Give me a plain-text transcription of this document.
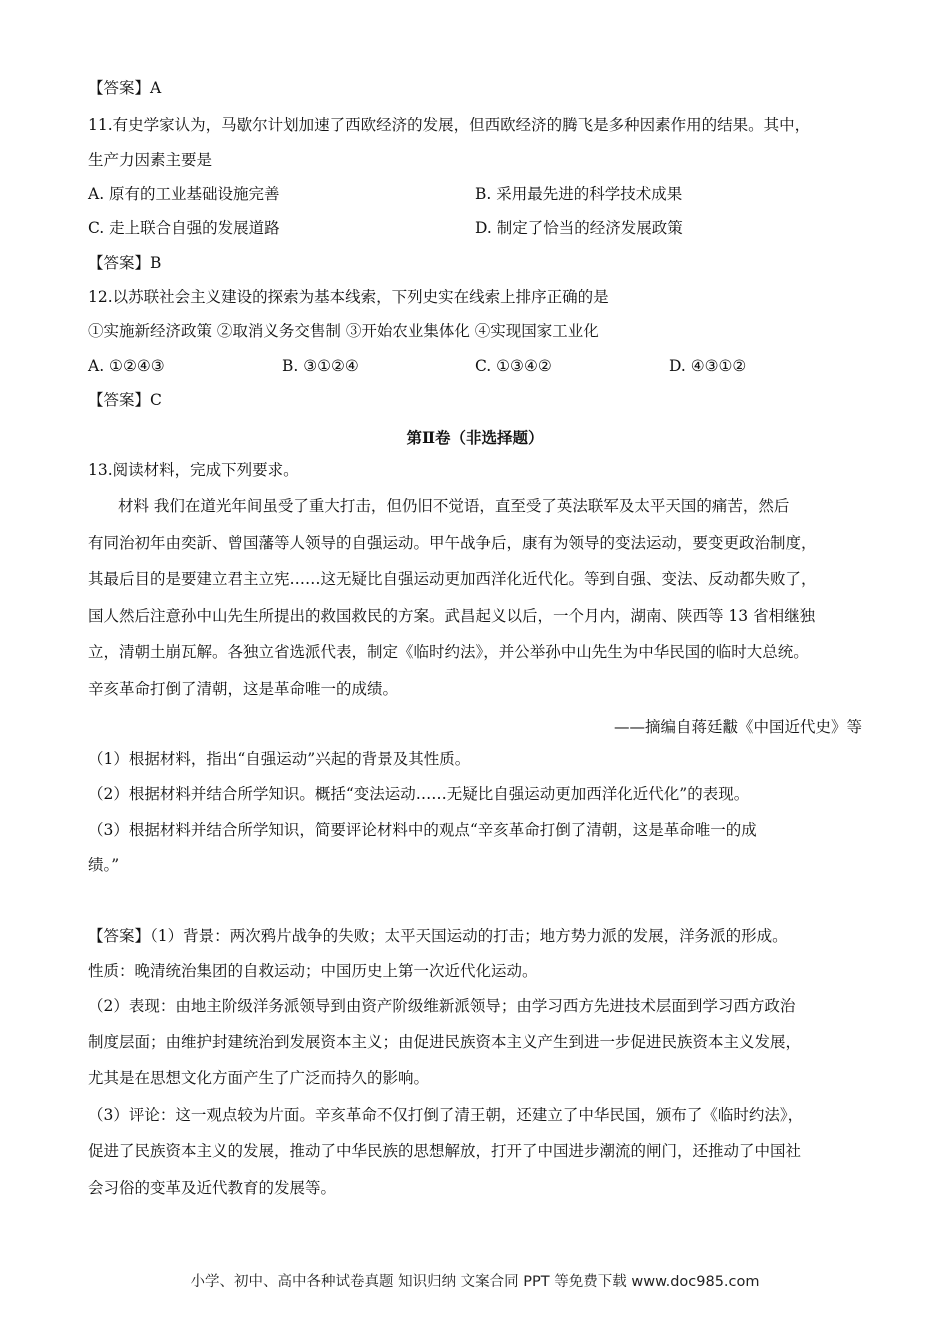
【答案】A
11.有史学家认为，马歇尔计划加速了西欧经济的发展，但西欧经济的腾飞是多种因素作用的结果。其中，
生产力因素主要是
A. 原有的工业基础设施完善	B. 采用最先进的科学技术成果
C. 走上联合自强的发展道路	D. 制定了恰当的经济发展政策
【答案】B
12.以苏联社会主义建设的探索为基本线索，下列史实在线索上排序正确的是
①实施新经济政策 ②取消义务交售制 ③开始农业集体化 ④实现国家工业化
A. ①②④③	B. ③①②④	C. ①③④②	D. ④③①②
【答案】C
第Ⅱ卷（非选择题）
13.阅读材料，完成下列要求。
材料 我们在道光年间虽受了重大打击，但仍旧不觉语，直至受了英法联军及太平天国的痛苦，然后
有同治初年由奕訢、曾国藩等人领导的自强运动。甲午战争后，康有为领导的变法运动，要变更政治制度，
其最后目的是要建立君主立宪……这无疑比自强运动更加西洋化近代化。等到自强、变法、反动都失败了，
国人然后注意孙中山先生所提出的救国救民的方案。武昌起义以后，一个月内，湖南、陕西等 13 省相继独
立，清朝土崩瓦解。各独立省选派代表，制定《临时约法》，并公举孙中山先生为中华民国的临时大总统。
辛亥革命打倒了清朝，这是革命唯一的成绩。
——摘编自蒋廷黻《中国近代史》等
（1）根据材料，指出“自强运动”兴起的背景及其性质。
（2）根据材料并结合所学知识。概括“变法运动……无疑比自强运动更加西洋化近代化”的表现。
（3）根据材料并结合所学知识，简要评论材料中的观点“辛亥革命打倒了清朝，这是革命唯一的成
绩。”
【答案】（1）背景：两次鸦片战争的失败；太平天国运动的打击；地方势力派的发展，洋务派的形成。
性质：晚清统治集团的自救运动；中国历史上第一次近代化运动。
（2）表现：由地主阶级洋务派领导到由资产阶级维新派领导；由学习西方先进技术层面到学习西方政治
制度层面；由维护封建统治到发展资本主义；由促进民族资本主义产生到进一步促进民族资本主义发展，
尤其是在思想文化方面产生了广泛而持久的影响。
（3）评论：这一观点较为片面。辛亥革命不仅打倒了清王朝，还建立了中华民国，颁布了《临时约法》，
促进了民族资本主义的发展，推动了中华民族的思想解放，打开了中国进步潮流的闸门，还推动了中国社
会习俗的变革及近代教育的发展等。
小学、初中、高中各种试卷真题 知识归纳 文案合同 PPT 等免费下载 www.doc985.com
